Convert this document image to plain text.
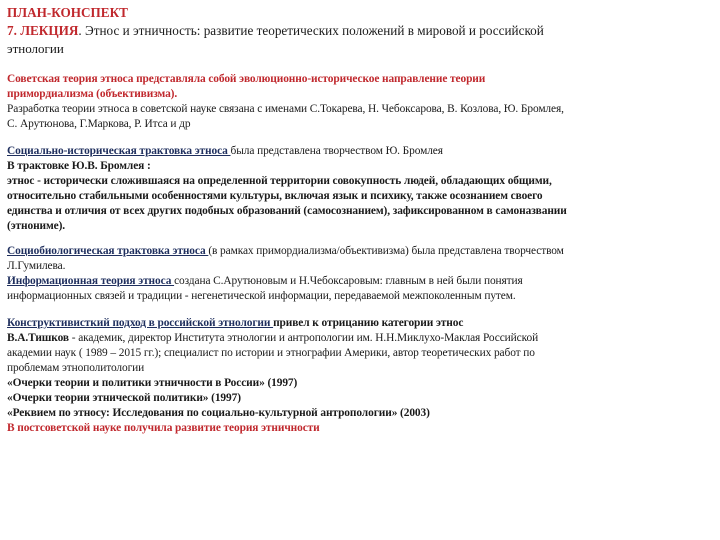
ПЛАН-КОНСПЕКТ
7. ЛЕКЦИЯ. Этнос и этничность: развитие теоретических положений в мировой и российской
этнологии
Советская теория этноса представляла собой эволюционно-историческое направление теории
примордиализма (объективизма).
Разработка теории этноса в советской науке связана с именами С.Токарева, Н. Чебоксарова, В. Козлова, Ю. Бромлея,
С. Арутюнова, Г.Маркова, Р. Итса и др
Социально-историческая трактовка этноса была представлена творчеством Ю. Бромлея
В трактовке Ю.В. Бромлея :
этнос - исторически сложившаяся на определенной территории совокупность людей, обладающих общими,
относительно стабильными особенностями культуры, включая язык и психику, также осознанием своего
единства и отличия от всех других подобных образований (самосознанием), зафиксированном в самоназвании
(этнониме).
Социобиологическая трактовка этноса (в рамках примордиализма/объективизма) была представлена творчеством
Л.Гумилева.
Информационная теория этноса создана С.Арутюновым и Н.Чебоксаровым: главным в ней были понятия
информационных связей и традиции - негенетической информации, передаваемой межпоколенным путем.
Конструктивисткий подход в российской этнологии привел к отрицанию категории этнос
В.А.Тишков - академик, директор Института этнологии и антропологии им. Н.Н.Миклухо-Маклая Российской
академии наук ( 1989 – 2015 гг.); специалист по истории и этнографии Америки, автор теоретических работ по
проблемам этнополитологии
«Очерки теории и политики этничности в России» (1997)
«Очерки теории этнической политики» (1997)
«Реквием по этносу: Исследования по социально-культурной антропологии» (2003)
В постсоветской науке получила развитие теория этничности
